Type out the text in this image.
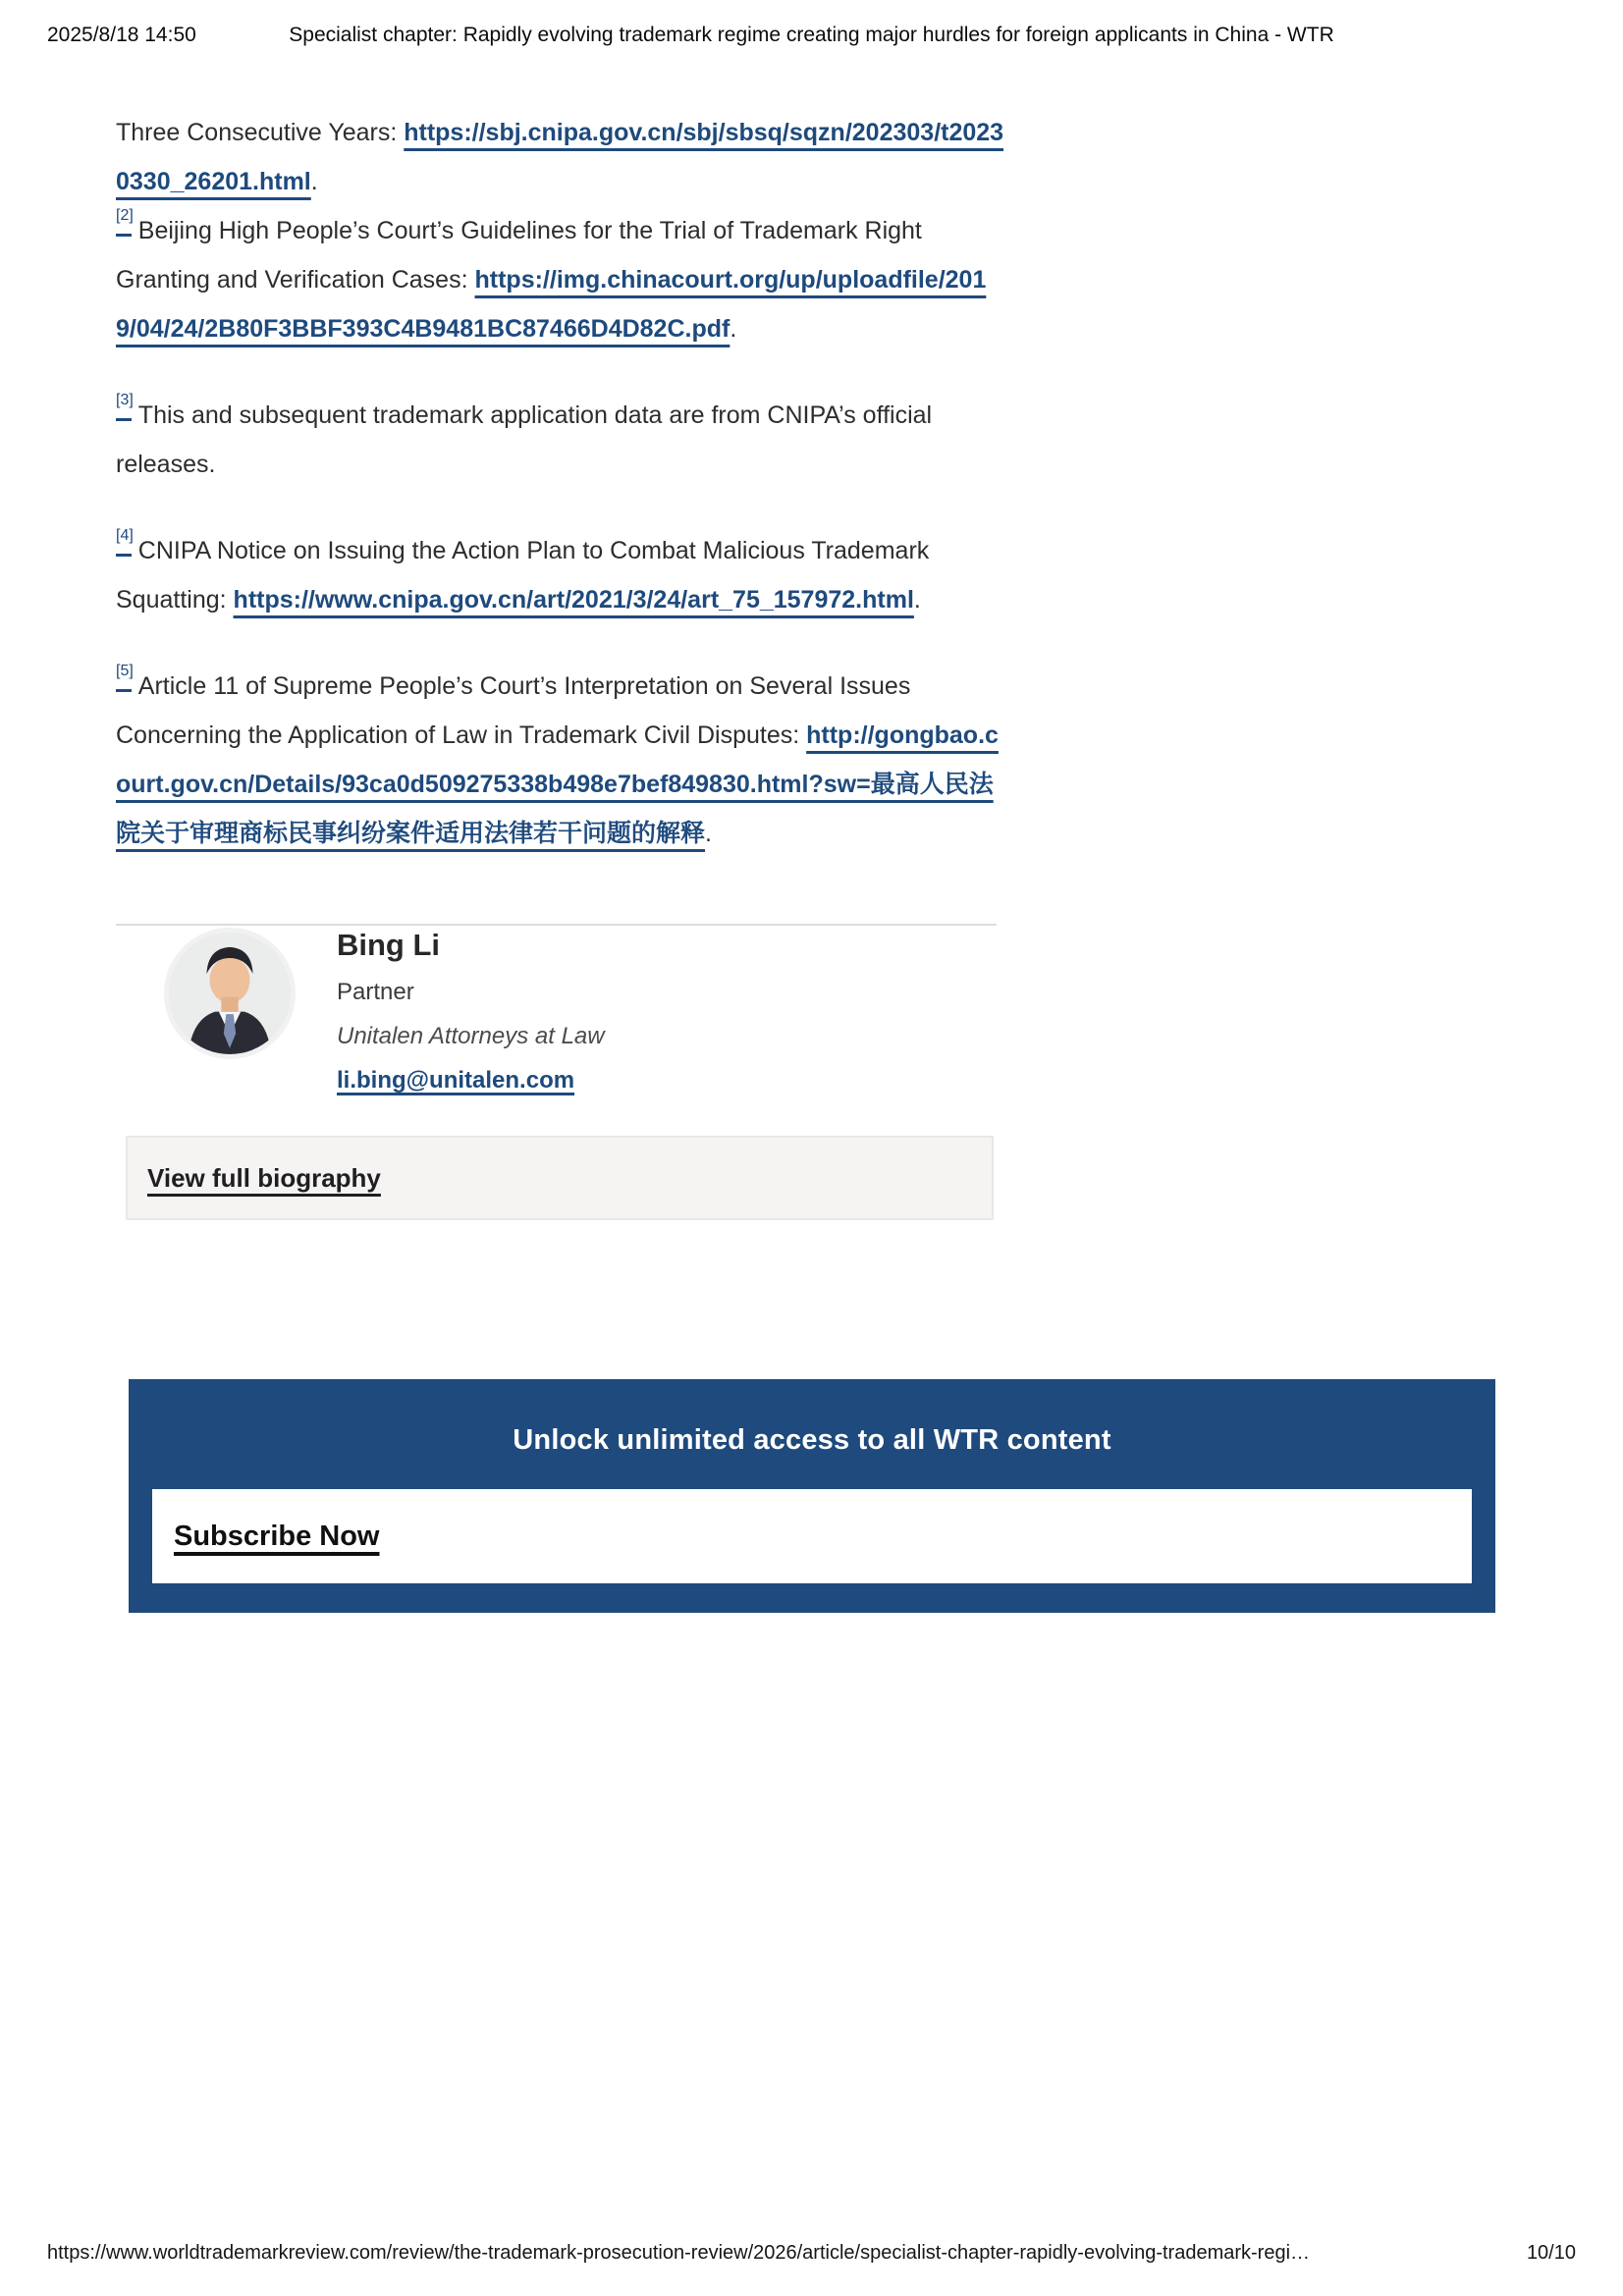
2025/8/18 14:50	Specialist chapter: Rapidly evolving trademark regime creating major hurdles for foreign applicants in China - WTR

Three Consecutive Years: https://sbj.cnipa.gov.cn/sbj/sbsq/sqzn/202303/t20230330_26201.html.

[2]Beijing High People’s Court’s Guidelines for the Trial of Trademark Right Granting and Verification Cases: https://img.chinacourt.org/up/uploadfile/2019/04/24/2B80F3BBF393C4B9481BC87466D4D82C.pdf.

[3]This and subsequent trademark application data are from CNIPA’s official releases.

[4]CNIPA Notice on Issuing the Action Plan to Combat Malicious Trademark Squatting: https://www.cnipa.gov.cn/art/2021/3/24/art_75_157972.html.

[5]Article 11 of Supreme People’s Court’s Interpretation on Several Issues Concerning the Application of Law in Trademark Civil Disputes: http://gongbao.court.gov.cn/Details/93ca0d509275338b498e7bef849830.html?sw=最高人民法院关于审理商标民事纠纷案件适用法律若干问题的解释.

Bing Li
Partner
Unitalen Attorneys at Law
li.bing@unitalen.com
View full biography
Unlock unlimited access to all WTR content
Subscribe Now
https://www.worldtrademarkreview.com/review/the-trademark-prosecution-review/2026/article/specialist-chapter-rapidly-evolving-trademark-regi…	10/10
